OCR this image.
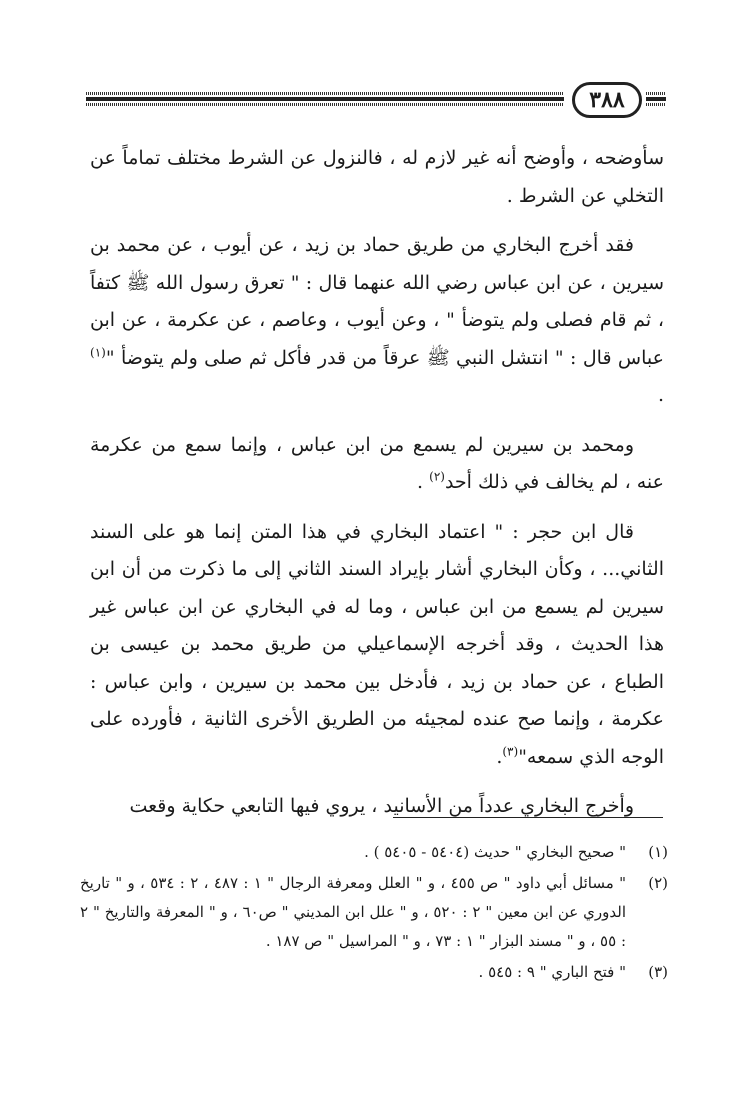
٣٨٨

سأوضحه ، وأوضح أنه غير لازم له ، فالنزول عن الشرط مختلف تماماً عن التخلي عن الشرط .

فقد أخرج البخاري من طريق حماد بن زيد ، عن أيوب ، عن محمد بن سيرين ، عن ابن عباس رضي الله عنهما قال : " تعرق رسول الله ﷺ كتفاً ، ثم قام فصلى ولم يتوضأ " ، وعن أيوب ، وعاصم ، عن عكرمة ، عن ابن عباس قال : " انتشل النبي ﷺ عرقاً من قدر فأكل ثم صلى ولم يتوضأ "$^{(١)}$ .

ومحمد بن سيرين لم يسمع من ابن عباس ، وإنما سمع من عكرمة عنه ، لم يخالف في ذلك أحد$^{(٢)}$ .

قال ابن حجر : " اعتماد البخاري في هذا المتن إنما هو على السند الثاني... ، وكأن البخاري أشار بإيراد السند الثاني إلى ما ذكرت من أن ابن سيرين لم يسمع من ابن عباس ، وما له في البخاري عن ابن عباس غير هذا الحديث ، وقد أخرجه الإسماعيلي من طريق محمد بن عيسى بن الطباع ، عن حماد بن زيد ، فأدخل بين محمد بن سيرين ، وابن عباس : عكرمة ، وإنما صح عنده لمجيئه من الطريق الأخرى الثانية ، فأورده على الوجه الذي سمعه"$^{(٣)}$.

وأخرج البخاري عدداً من الأسانيد ، يروي فيها التابعي حكاية وقعت

(١)
" صحيح البخاري " حديث (٥٤٠٤ - ٥٤٠٥ ) .
(٢)
" مسائل أبي داود " ص ٤٥٥ ، و " العلل ومعرفة الرجال " ١ : ٤٨٧ ، ٢ : ٥٣٤ ، و " تاريخ الدوري عن ابن معين " ٢ : ٥٢٠ ، و " علل ابن المديني " ص٦٠ ، و " المعرفة والتاريخ " ٢ : ٥٥ ، و " مسند البزار " ١ : ٧٣ ، و " المراسيل " ص ١٨٧ .
(٣)
" فتح الباري " ٩ : ٥٤٥ .
